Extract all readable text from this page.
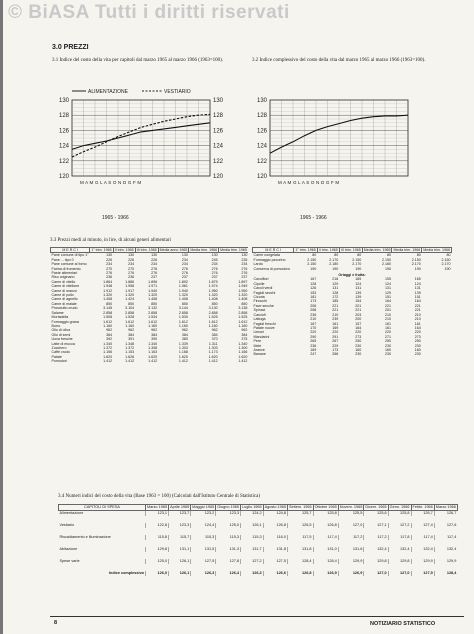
© BiASA Tutti i diritti riservati
3.0 PREZZI
3.1 Indice del costo della vita per capitoli dal marzo 1965 al marzo 1966 (1963=100).
120	120
122	122
124	124
126	126
128	128
130	130
ALIMENTAZIONE	VESTIARIO
M A M G L A S O N D G F M
1965 - 1966
3.2 Indice complessivo del costo della vita dal marzo 1965 al marzo 1966 (1963=100).
120
122
124
126
128
130
M A M G L A S O N D G F M
1965 - 1966
3.3 Prezzi medi al minuto, in lire, di alcuni generi alimentari
M E R C I	1° trim. 1965	II trim. 1965	III trim. 1965	Media anno 1965	Media trim. 1966	Media trim. 1965
Pane comune di tipo 1°	130	130	130	130	130	130
Pane ... tipo 0	226	226	226	234	245	235
Pane comune al forno	234	234	234	234	234	234
Farina di frumento	270	270	276	276	276	276
Paste alimentari	276	276	276	276	276	276
Riso originario	236	236	237	237	237	237
Carne di vitello	1.864	1.886	1.896	1.892	1.879	1.897
Carne di vitellone	1.948	1.958	1.971	1.961	1.974	1.949
Carne di manzo	1.912	1.917	1.940	1.940	1.950	1.950
Carne di pollo	1.320	1.320	1.320	1.320	1.320	1.320
Carne di agnello	1.408	1.424	1.408	1.408	1.408	1.408
Carne di maiale	850	850	850	850	850	850
Prosciutto crudo	3.145	3.104	3.132	3.144	3.130	3.138
Salame	2.858	2.858	2.858	2.858	2.858	2.858
Mortadella	1.508	1.528	1.534	1.530	1.525	1.525
Formaggio grana	1.612	1.612	1.612	1.612	1.612	1.612
Burro	1.160	1.160	1.160	1.160	1.160	1.160
Olio di oliva	962	962	962	962	962	962
Olio di semi	384	384	384	384	384	384
Uova fresche	392	391	390	380	370	375
Latte di mucca	1.340	1.348	1.340	1.339	1.311	1.340
Zucchero	1.372	1.372	1.308	1.303	1.303	1.300
Caffè crudo	1.156	1.153	1.163	1.168	1.173	1.166
Patate	1.620	1.626	1.620	1.620	1.620	1.620
Pomodori	1.412	1.412	1.412	1.412	1.412	1.412
M E R C I	1° trim. 1965	II trim. 1965	III trim. 1965	Media trim. 1965	Media trim. 1966	Media trim. 1966
Carne congelata	80	80	80	80	80	80
Formaggio pecorino	2.150	2.170	2.150	2.150	2.150	2.150
Lardo	2.150	2.180	2.170	2.160	2.170	2.170
Conserva di pomodoro	190	190	190	190	190	190
Ortaggi e frutta:						
Cavolfiori	167	218	165	155	165	
Cipolle	128	129	124	124	124	
Cavoli verdi	126	131	131	131	131	
Fagioli secchi	153	128	139	129	139	
Cicoria	181	172	139	151	151	
Finocchi	173	185	154	164	164	
Fave secche	206	221	201	221	221	
Spinaci	258	221	221	201	221	
Carciofi	236	210	203	210	210	
Lattuga	210	239	200	210	210	
Fagioli freschi	167	161	157	161	161	
Patate nuove	170	169	164	161	164	
Limoni	220	220	220	220	220	
Mandarini	290	291	273	271	273	
Pere	265	267	250	250	250	
Mele	236	229	230	230	230	
Arance	169	173	160	160	160	
Banane	247	266	230	230	230	
3.4 Numeri indici del costo della vita (Base 1963 = 100) (Calcolati dall'Istituto Centrale di Statistica)
CAPITOLI DI SPESA	Marzo 1965	Aprile 1965	Maggio 1965	Giugno 1965	Luglio 1965	Agosto 1965	Settem. 1965	Ottobre 1965	Novem. 1965	Dicem. 1965	Genn. 1966	Febbr. 1966	Marzo 1966
Alimentazione	123,1	123,7	123,2	123,3	124,2	124,8	125,7	125,8	125,5	125,6	125,8	126,7	126,7

Vestiario	122,8	123,3	124,4	125,0	126,1	126,8	126,5	126,8	127,0	127,1	127,2	127,4	127,6

Riscaldamento e illuminazione	115,8	115,7	115,3	115,3	115,3	116,0	117,5	117,4	117,2	117,2	117,8	117,4	117,4

Abitazione	129,8	131,1	131,5	131,3	131,7	131,8	131,8	131,0	131,6	132,4	132,4	132,4	132,4

Spese varie	125,0	126,1	127,5	127,8	127,2	127,5	128,4	128,4	129,9	129,8	129,8	129,9	129,9

Indice complessivo	126,0	126,1	126,3	126,4	126,3	126,6	126,8	126,9	126,9	127,0	127,0	127,5	128,4

8	NOTIZIARIO STATISTICO
